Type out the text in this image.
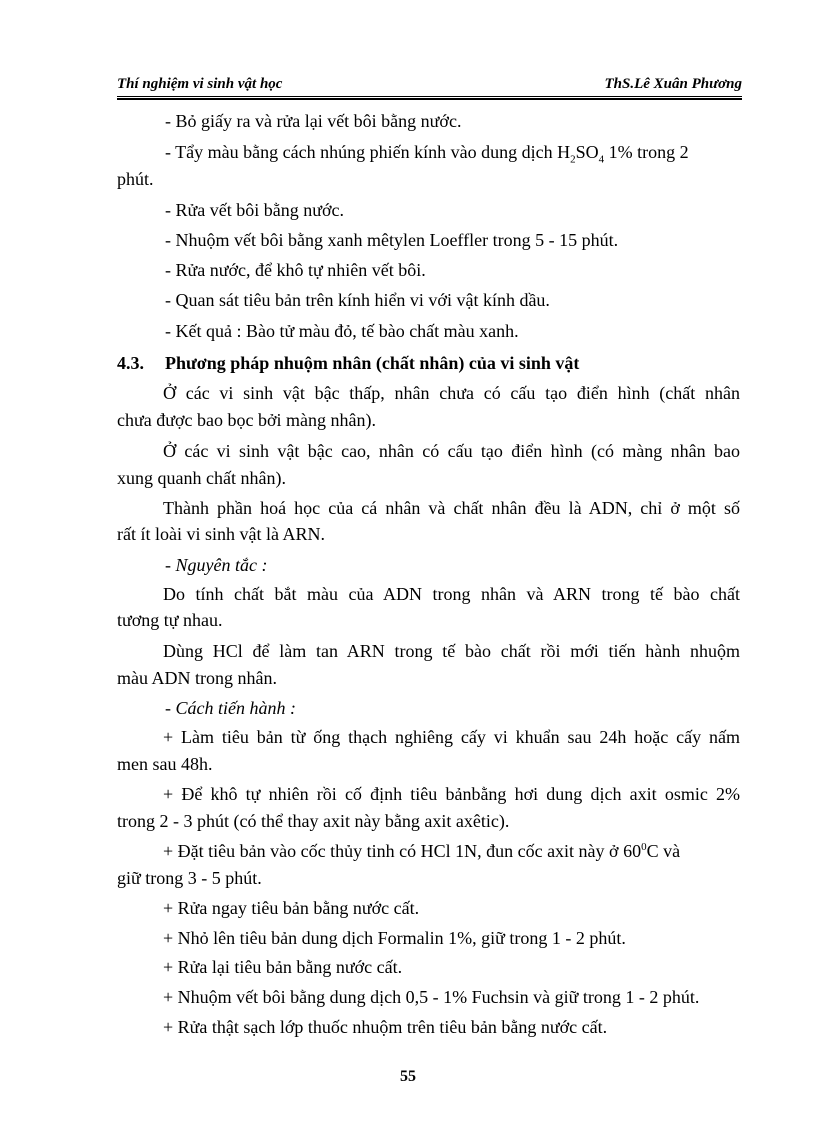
Thí nghiệm vi sinh vật học	ThS.Lê Xuân Phương
- Bỏ giấy ra và rửa lại vết bôi bằng nước.
- Tẩy màu bằng cách nhúng phiến kính vào dung dịch $H_2SO_4$ 1% trong 2
phút.
- Rửa vết bôi bằng nước.
- Nhuộm vết bôi bằng xanh mêtylen Loeffler trong 5 - 15 phút.
- Rửa nước, để khô tự nhiên vết bôi.
- Quan sát tiêu bản trên kính hiển vi với vật kính dầu.
- Kết quả : Bào tử màu đỏ, tế bào chất màu xanh.
4.3. Phương pháp nhuộm nhân (chất nhân) của vi sinh vật
Ở các vi sinh vật bậc thấp, nhân chưa có cấu tạo điển hình (chất nhân
chưa được bao bọc bởi màng nhân).
Ở các vi sinh vật bậc cao, nhân có cấu tạo điển hình (có màng nhân bao
xung quanh chất nhân).
Thành phần hoá học của cá nhân và chất nhân đều là ADN, chỉ ở một số
rất ít loài vi sinh vật là ARN.
- Nguyên tắc :
Do tính chất bắt màu của ADN trong nhân và ARN trong tế bào chất
tương tự nhau.
Dùng HCl để làm tan ARN trong tế bào chất rồi mới tiến hành nhuộm
màu ADN trong nhân.
- Cách tiến hành :
+ Làm tiêu bản từ ống thạch nghiêng cấy vi khuẩn sau 24h hoặc cấy nấm
men sau 48h.
+ Để khô tự nhiên rồi cố định tiêu bảnbằng hơi dung dịch axit osmic 2%
trong 2 - 3 phút (có thể thay axit này bằng axit axêtic).
+ Đặt tiêu bản vào cốc thủy tinh có HCl 1N, đun cốc axit này ở $60^0C$ và
giữ trong 3 - 5 phút.
+ Rửa ngay tiêu bản bằng nước cất.
+ Nhỏ lên tiêu bản dung dịch Formalin 1%, giữ trong 1 - 2 phút.
+ Rửa lại tiêu bản bằng nước cất.
+ Nhuộm vết bôi bằng dung dịch 0,5 - 1% Fuchsin và giữ trong 1 - 2 phút.
+ Rửa thật sạch lớp thuốc nhuộm trên tiêu bản bằng nước cất.
55
